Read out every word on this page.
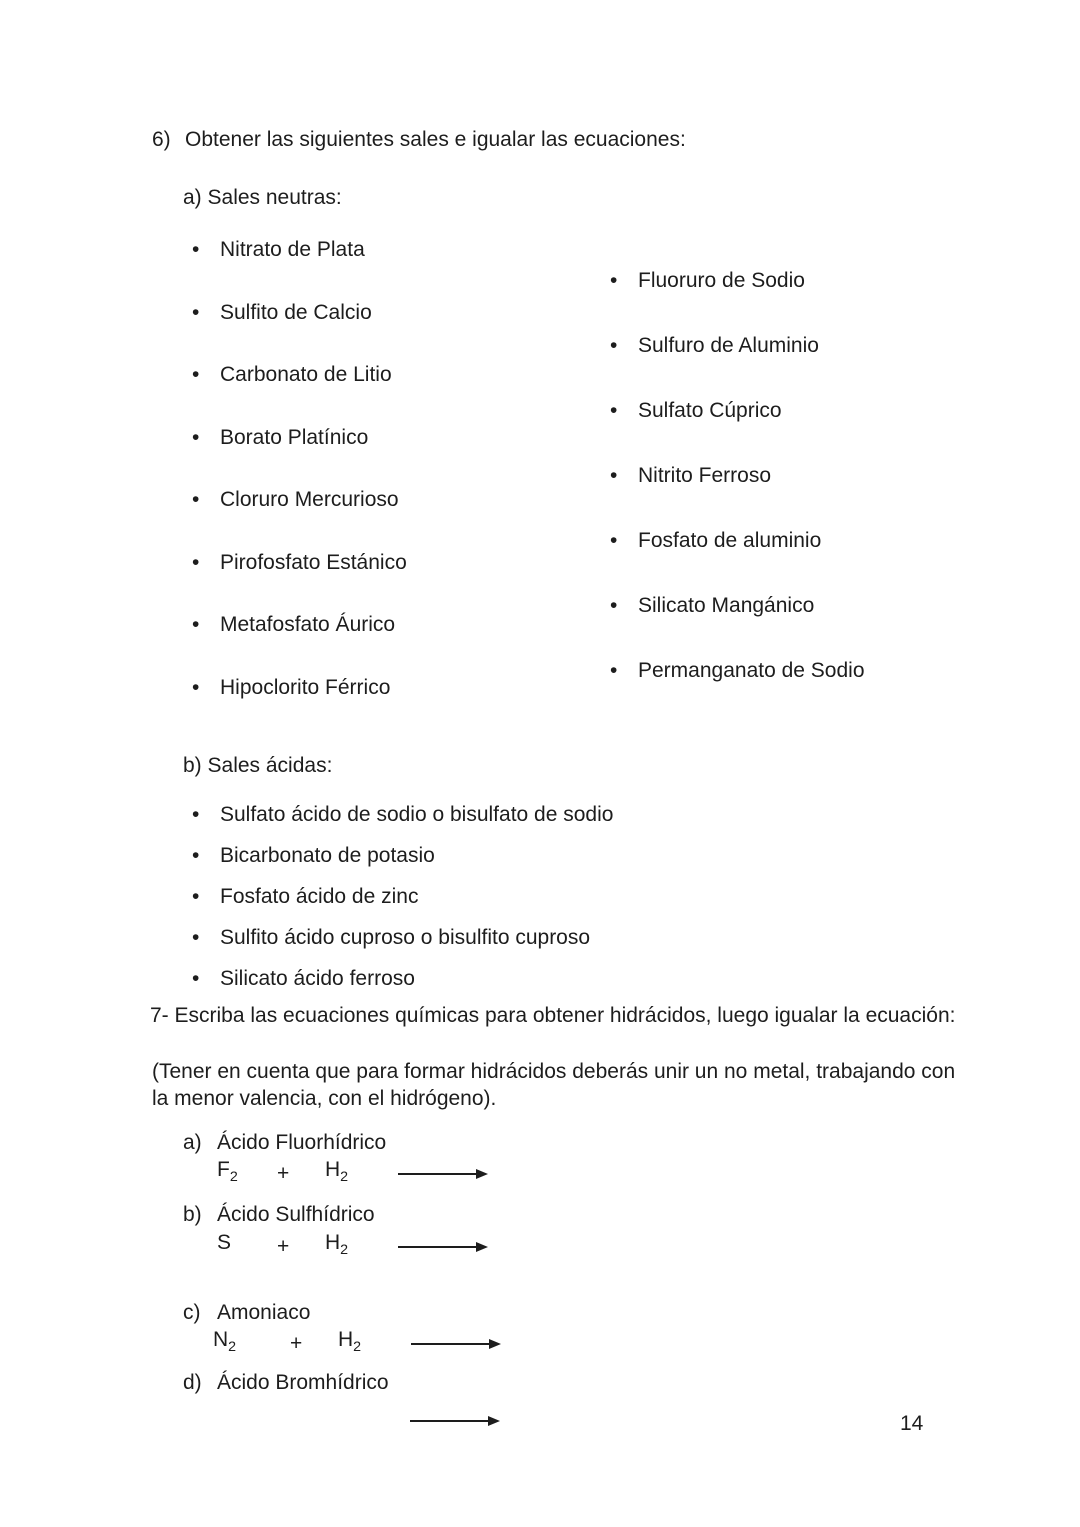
6) Obtener las siguientes sales e igualar las ecuaciones:
a) Sales neutras:
• Nitrato de Plata
• Sulfito de Calcio
• Carbonato de Litio
• Borato Platínico
• Cloruro Mercurioso
• Pirofosfato Estánico
• Metafosfato Áurico
• Hipoclorito Férrico
• Fluoruro de Sodio
• Sulfuro de Aluminio
• Sulfato Cúprico
• Nitrito Ferroso
• Fosfato de aluminio
• Silicato Mangánico
• Permanganato de Sodio
b) Sales ácidas:
• Sulfato ácido de sodio o bisulfato de sodio
• Bicarbonato de potasio
• Fosfato ácido de zinc
• Sulfito ácido cuproso o bisulfito cuproso
• Silicato ácido ferroso
7- Escriba las ecuaciones químicas para obtener hidrácidos, luego igualar la ecuación:
(Tener en cuenta que para formar hidrácidos deberás unir un no metal, trabajando con
la menor valencia, con el hidrógeno).
a) Ácido Fluorhídrico
$F_2$	+	$H_2$
b) Ácido Sulfhídrico
S	+	$H_2$
c) Amoniaco
$N_2$	+	$H_2$
d) Ácido Bromhídrico
14
